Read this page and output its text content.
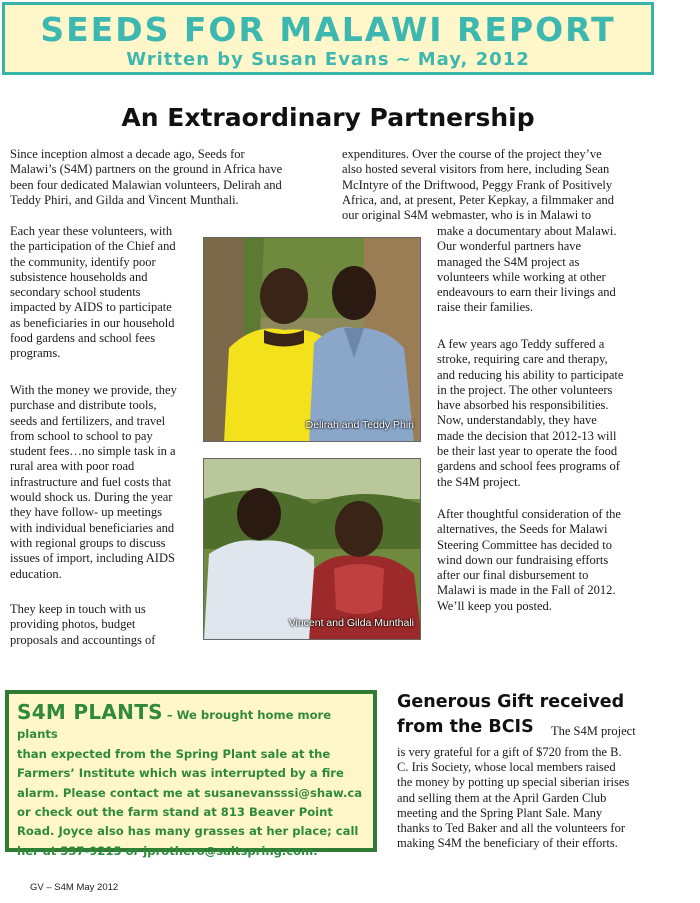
SEEDS FOR MALAWI REPORT
Written by Susan Evans ~ May, 2012
An Extraordinary Partnership
Since inception almost a decade ago, Seeds for
Malawi’s (S4M) partners on the ground in Africa have
been four dedicated Malawian volunteers, Delirah and
Teddy Phiri, and Gilda and Vincent Munthali.
Each year these volunteers, with
the participation of the Chief and
the community, identify poor
subsistence households and
secondary school students
impacted by AIDS to participate
as beneficiaries in our household
food gardens and school fees
programs.
With the money we provide, they
purchase and distribute tools,
seeds and fertilizers, and travel
from school to school to pay
student fees…no simple task in a
rural area with poor road
infrastructure and fuel costs that
would shock us. During the year
they have follow- up meetings
with individual beneficiaries and
with regional groups to discuss
issues of import, including AIDS
education.
They keep in touch with us
providing photos, budget
proposals and accountings of
expenditures. Over the course of the project they’ve
also hosted several visitors from here, including Sean
McIntyre of the Driftwood, Peggy Frank of Positively
Africa, and, at present, Peter Kepkay, a filmmaker and
our original S4M webmaster, who is in Malawi to
make a documentary about Malawi.
Our wonderful partners have
managed the S4M project as
volunteers while working at other
endeavours to earn their livings and
raise their families.
A few years ago Teddy suffered a
stroke, requiring care and therapy,
and reducing his ability to participate
in the project. The other volunteers
have absorbed his responsibilities.
Now, understandably, they have
made the decision that 2012-13 will
be their last year to operate the food
gardens and school fees programs of
the S4M project.
After thoughtful consideration of the
alternatives, the Seeds for Malawi
Steering Committee has decided to
wind down our fundraising efforts
after our final disbursement to
Malawi is made in the Fall of 2012.
We’ll keep you posted.
Delirah and Teddy Phiri
Vincent and Gilda Munthali
S4M PLANTS – We brought home more plants
than expected from the Spring Plant sale at the
Farmers’ Institute which was interrupted by a fire
alarm. Please contact me at susanevansssi@shaw.ca
or check out the farm stand at 813 Beaver Point
Road. Joyce also has many grasses at her place; call
her at 537-9215 or jprothero@saltspring.com.
Generous Gift received
from the BCIS The S4M project
is very grateful for a gift of $720 from the B.
C. Iris Society, whose local members raised
the money by potting up special siberian irises
and selling them at the April Garden Club
meeting and the Spring Plant Sale. Many
thanks to Ted Baker and all the volunteers for
making S4M the beneficiary of their efforts.
GV – S4M May 2012
